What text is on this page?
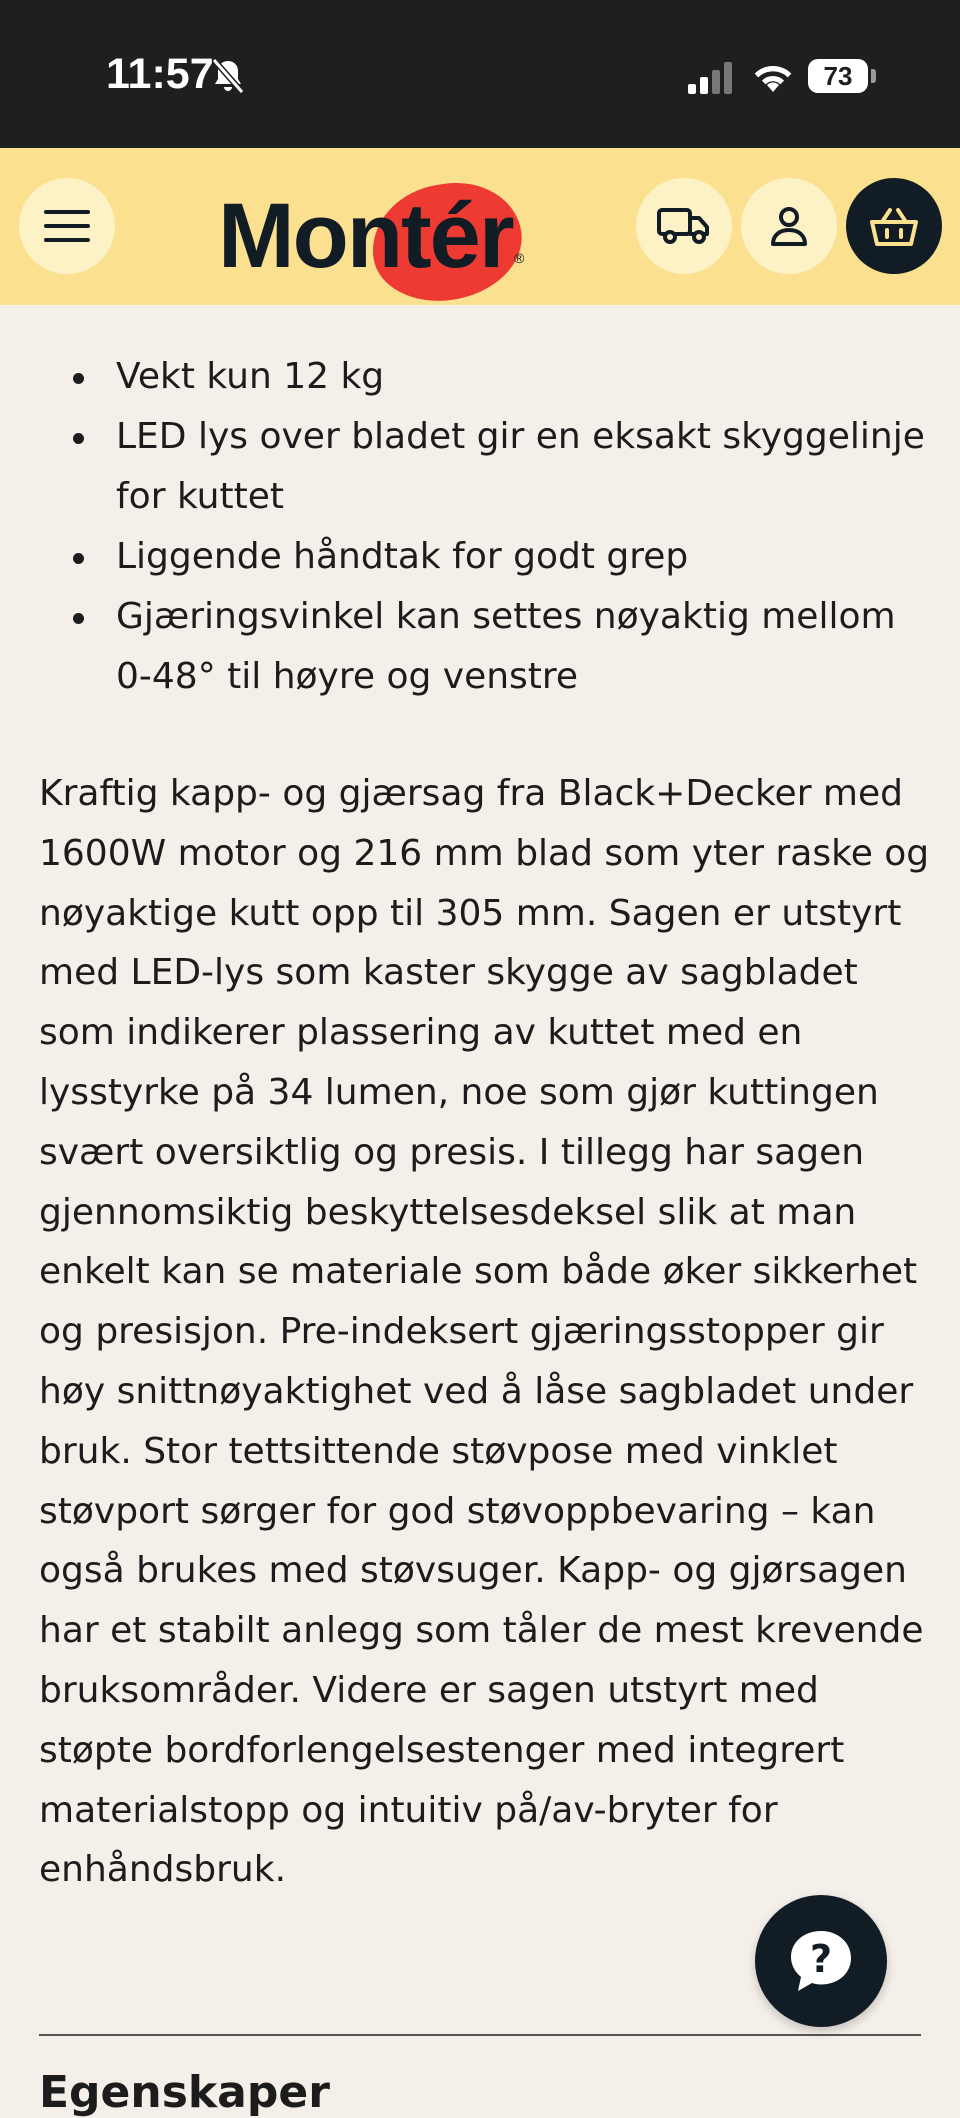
11:57	73
Montér ®
Vekt kun 12 kg
LED lys over bladet gir en eksakt skyggelinje for kuttet
Liggende håndtak for godt grep
Gjæringsvinkel kan settes nøyaktig mellom 0-48° til høyre og venstre

Kraftig kapp- og gjærsag fra Black+Decker med 1600W motor og 216 mm blad som yter raske og nøyaktige kutt opp til 305 mm. Sagen er utstyrt med LED-lys som kaster skygge av sagbladet som indikerer plassering av kuttet med en lysstyrke på 34 lumen, noe som gjør kuttingen svært oversiktlig og presis. I tillegg har sagen gjennomsiktig beskyttelsesdeksel slik at man enkelt kan se materiale som både øker sikkerhet og presisjon. Pre-indeksert gjæringsstopper gir høy snittnøyaktighet ved å låse sagbladet under bruk. Stor tettsittende støvpose med vinklet støvport sørger for god støvoppbevaring – kan også brukes med støvsuger. Kapp- og gjørsagen har et stabilt anlegg som tåler de mest krevende bruksområder. Videre er sagen utstyrt med støpte bordforlengelsestenger med integrert materialstopp og intuitiv på/av-bryter for enhåndsbruk.

Egenskaper
?
